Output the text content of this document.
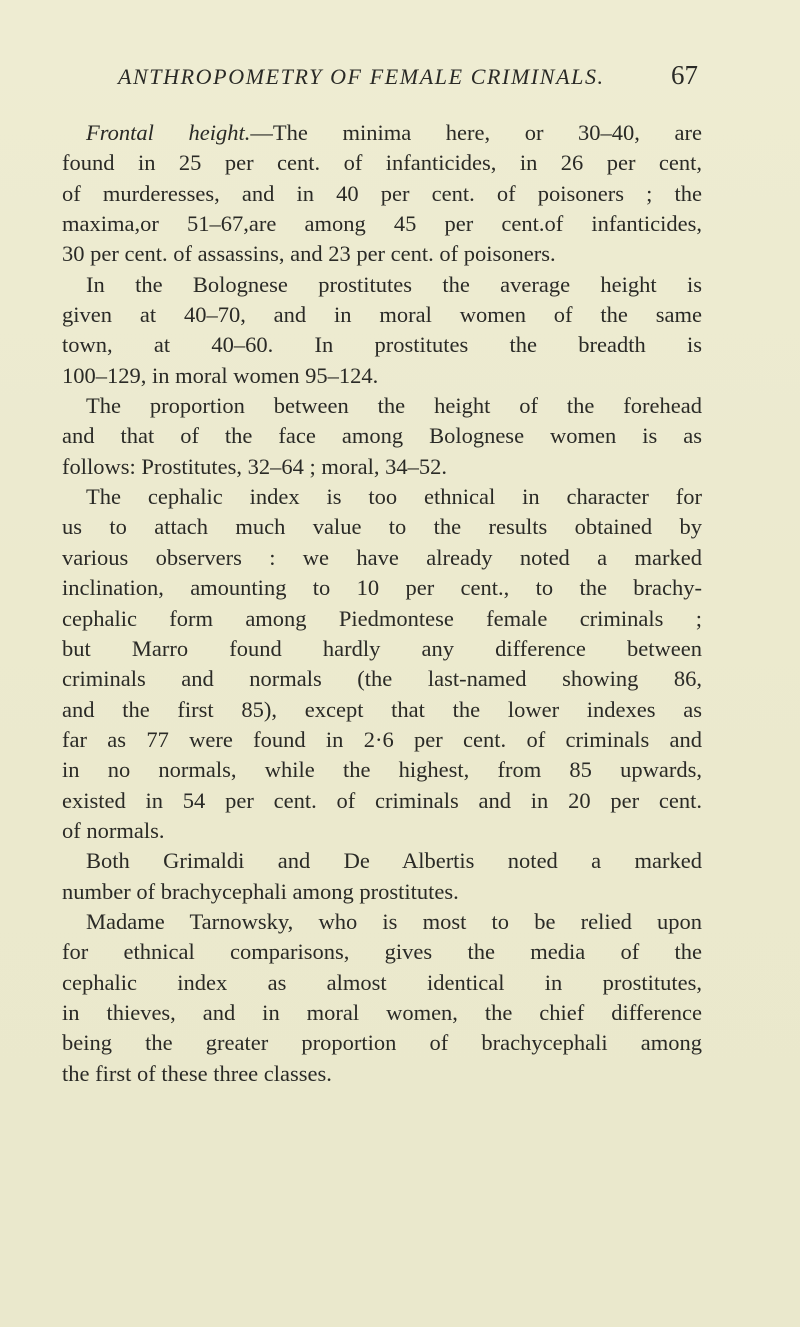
ANTHROPOMETRY OF FEMALE CRIMINALS. 67
Frontal height.—The minima here, or 30–40, are
found in 25 per cent. of infanticides, in 26 per cent,
of murderesses, and in 40 per cent. of poisoners ; the
maxima,or 51–67,are among 45 per cent.of infanticides,
30 per cent. of assassins, and 23 per cent. of poisoners.
In the Bolognese prostitutes the average height is
given at 40–70, and in moral women of the same
town, at 40–60. In prostitutes the breadth is
100–129, in moral women 95–124.
The proportion between the height of the forehead
and that of the face among Bolognese women is as
follows: Prostitutes, 32–64 ; moral, 34–52.
The cephalic index is too ethnical in character for
us to attach much value to the results obtained by
various observers : we have already noted a marked
inclination, amounting to 10 per cent., to the brachy-
cephalic form among Piedmontese female criminals ;
but Marro found hardly any difference between
criminals and normals (the last-named showing 86,
and the first 85), except that the lower indexes as
far as 77 were found in 2·6 per cent. of criminals and
in no normals, while the highest, from 85 upwards,
existed in 54 per cent. of criminals and in 20 per cent.
of normals.
Both Grimaldi and De Albertis noted a marked
number of brachycephali among prostitutes.
Madame Tarnowsky, who is most to be relied upon
for ethnical comparisons, gives the media of the
cephalic index as almost identical in prostitutes,
in thieves, and in moral women, the chief difference
being the greater proportion of brachycephali among
the first of these three classes.
